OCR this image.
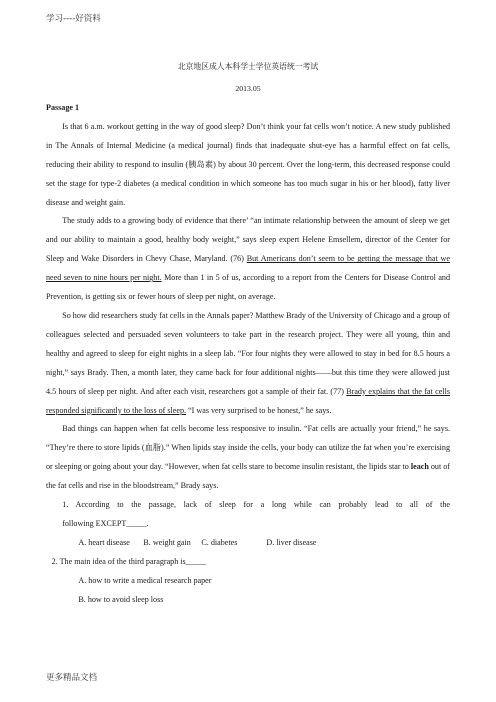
学习----好资料
北京地区成人本科学士学位英语统一考试
2013.05
Passage 1

Is that 6 a.m. workout getting in the way of good sleep? Don’t think your fat cells won’t notice. A new study published in The Annals of Internal Medicine (a medical journal) finds that inadequate shut-eye has a harmful effect on fat cells, reducing their ability to respond to insulin (胰岛素) by about 30 percent. Over the long-term, this decreased response could set the stage for type-2 diabetes (a medical condition in which someone has too much sugar in his or her blood), fatty liver disease and weight gain.

The study adds to a growing body of evidence that there’ “an intimate relationship between the amount of sleep we get and our ability to maintain a good, healthy body weight,” says sleep expert Helene Emsellem, director of the Center for Sleep and Wake Disorders in Chevy Chase, Maryland. (76) But Americans don’t seem to be getting the message that we need seven to nine hours per night. More than 1 in 5 of us, according to a report from the Centers for Disease Control and Prevention, is getting six or fewer hours of sleep per night, on average.

So how did researchers study fat cells in the Annals paper? Matthew Brady of the University of Chicago and a group of colleagues selected and persuaded seven volunteers to take part in the research project. They were all young, thin and healthy and agreed to sleep for eight nights in a sleep lab. “For four nights they were allowed to stay in bed for 8.5 hours a night,” says Brady. Then, a month later, they came back for four additional nights——but this time they were allowed just 4.5 hours of sleep per night. And after each visit, researchers got a sample of their fat. (77) Brady explains that the fat cells responded significantly to the loss of sleep. “I was very surprised to be honest,” he says.

Bad things can happen when fat cells become less responsive to insulin. “Fat cells are actually your friend,” he says. “They’re there to store lipids (血脂).” When lipids stay inside the cells, your body can utilize the fat when you’re exercising or sleeping or going about your day. “However, when fat cells stare to become insulin resistant, the lipids star to leach out of the fat cells and rise in the bloodstream,” Brady says.

1. According to the passage, lack of sleep for a long while can probably lead to all of the
following EXCEPT_____.
A. heart disease	B. weight gain	C. diabetes	D. liver disease
2. The main idea of the third paragraph is_____
A. how to write a medical research paper
B. how to avoid sleep loss
更多精品文档
